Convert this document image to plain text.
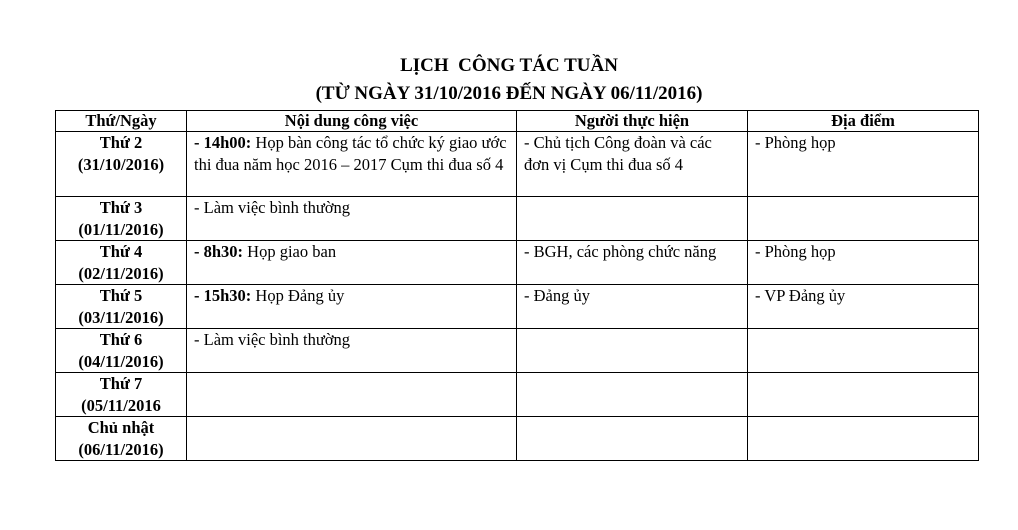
LỊCH  CÔNG TÁC TUẦN
(TỪ NGÀY 31/10/2016 ĐẾN NGÀY 06/11/2016)
Thứ/Ngày	Nội dung công việc	Người thực hiện	Địa điểm

Thứ 2
(31/10/2016)	- 14h00: Họp bàn công tác tổ chức ký giao ước thi đua năm học 2016 – 2017 Cụm thi đua số 4	- Chủ tịch Công đoàn và các đơn vị Cụm thi đua số 4	- Phòng họp

Thứ 3
(01/11/2016)	- Làm việc bình thường		

Thứ 4
(02/11/2016)	- 8h30: Họp giao ban	- BGH, các phòng chức năng	- Phòng họp

Thứ 5
(03/11/2016)	- 15h30: Họp Đảng ủy	- Đảng ủy	- VP Đảng ủy

Thứ 6
(04/11/2016)	- Làm việc bình thường		

Thứ 7
(05/11/2016			

Chủ nhật
(06/11/2016)			
